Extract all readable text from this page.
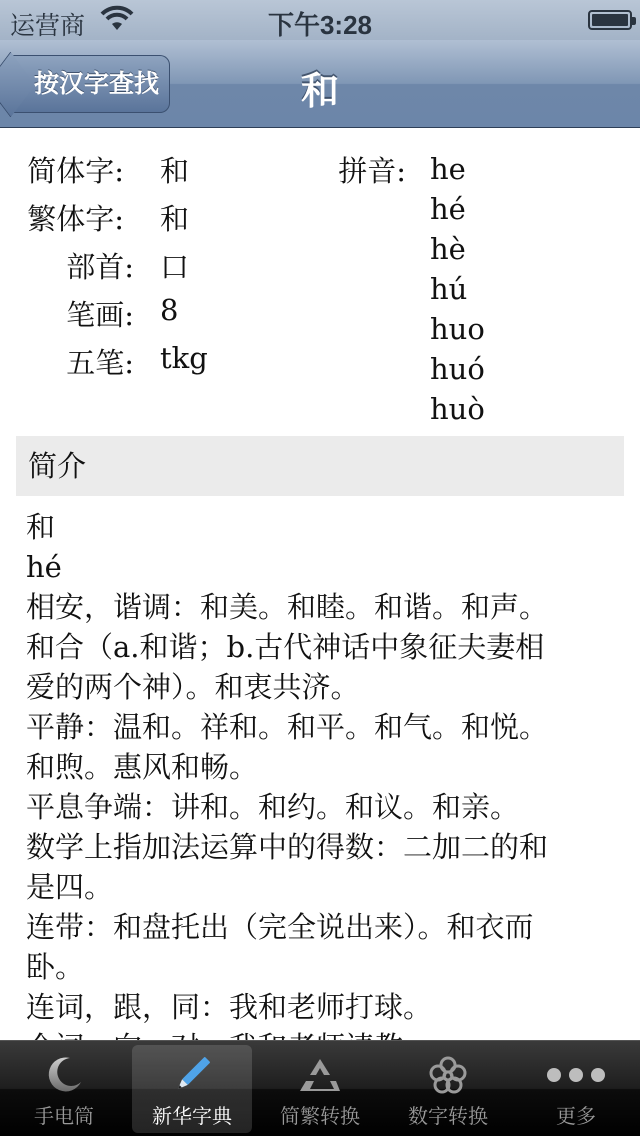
运营商	下午3:28
按汉字查找	和
简体字: 和
繁体字: 和
部首: 口
笔画: 8
五笔: tkg
拼音: he
hé
hè
hú
huo
huó
huò
简介

和

hé

相安，谐调：和美。和睦。和谐。和声。

和合（a.和谐；b.古代神话中象征夫妻相

爱的两个神）。和衷共济。

平静：温和。祥和。和平。和气。和悦。

和煦。惠风和畅。

平息争端：讲和。和约。和议。和亲。

数学上指加法运算中的得数：二加二的和

是四。

连带：和盘托出（完全说出来）。和衣而

卧。

连词，跟，同：我和老师打球。

手电筒	新华字典	简繁转换	数字转换	更多
